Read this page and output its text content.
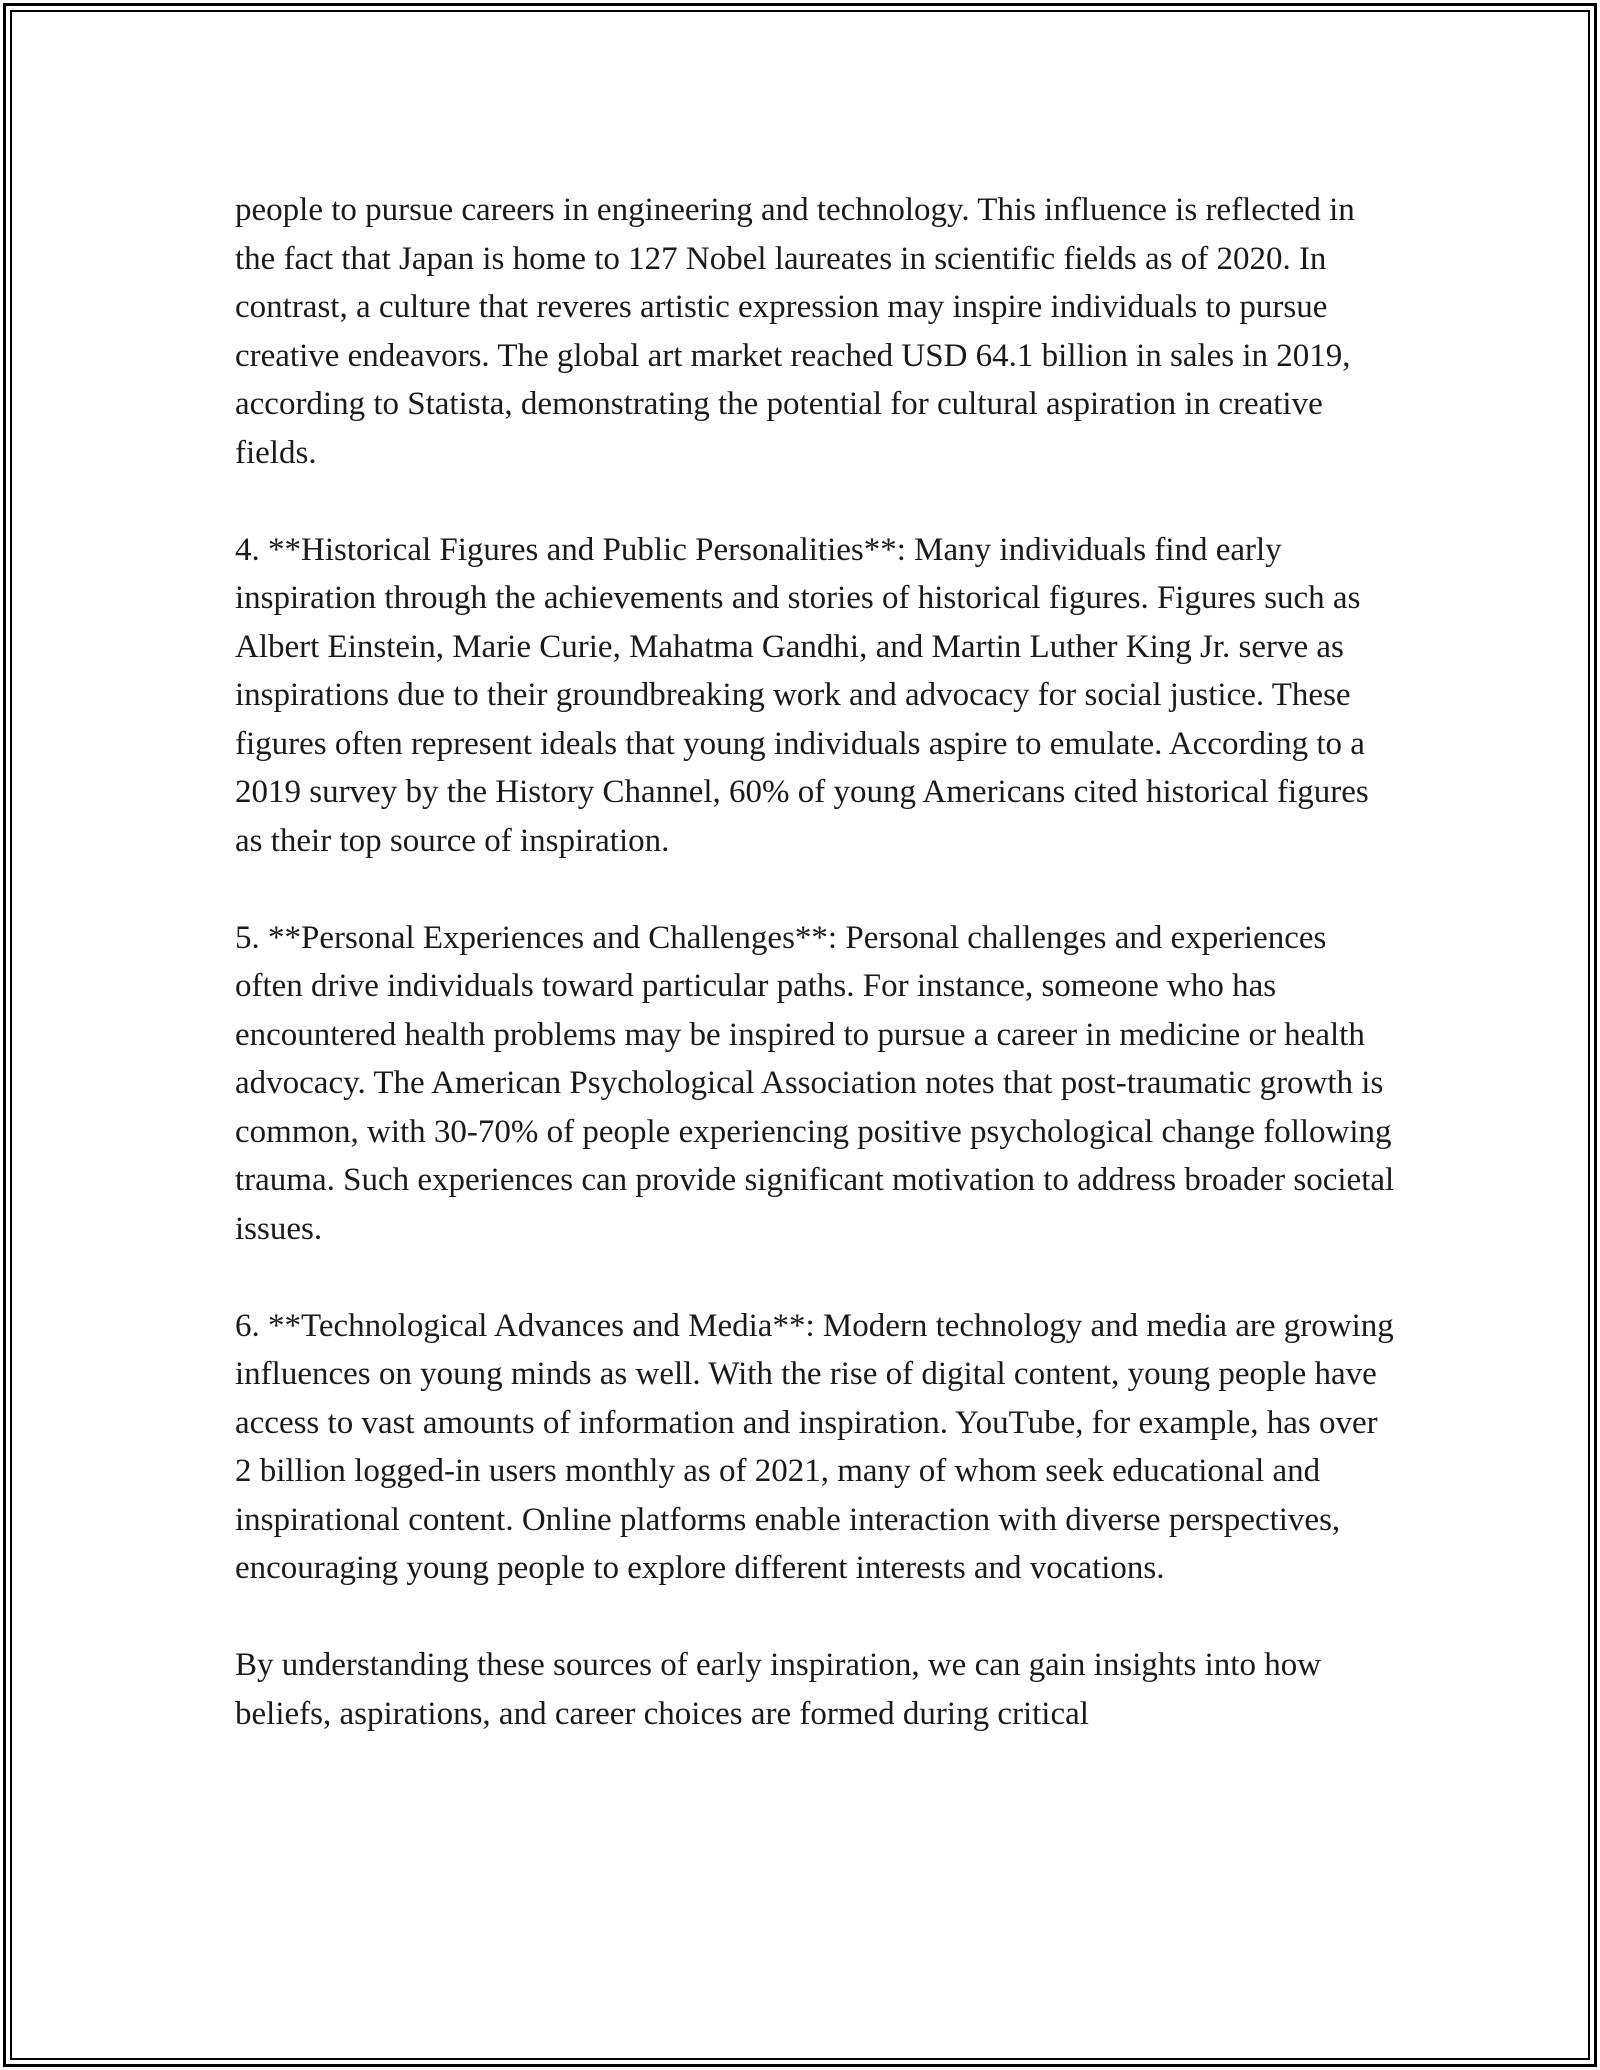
people to pursue careers in engineering and technology. This influence is reflected in the fact that Japan is home to 127 Nobel laureates in scientific fields as of 2020. In contrast, a culture that reveres artistic expression may inspire individuals to pursue creative endeavors. The global art market reached USD 64.1 billion in sales in 2019, according to Statista, demonstrating the potential for cultural aspiration in creative fields.

4. **Historical Figures and Public Personalities**: Many individuals find early inspiration through the achievements and stories of historical figures. Figures such as Albert Einstein, Marie Curie, Mahatma Gandhi, and Martin Luther King Jr. serve as inspirations due to their groundbreaking work and advocacy for social justice. These figures often represent ideals that young individuals aspire to emulate. According to a 2019 survey by the History Channel, 60% of young Americans cited historical figures as their top source of inspiration.

5. **Personal Experiences and Challenges**: Personal challenges and experiences often drive individuals toward particular paths. For instance, someone who has encountered health problems may be inspired to pursue a career in medicine or health advocacy. The American Psychological Association notes that post-traumatic growth is common, with 30-70% of people experiencing positive psychological change following trauma. Such experiences can provide significant motivation to address broader societal issues.

6. **Technological Advances and Media**: Modern technology and media are growing influences on young minds as well. With the rise of digital content, young people have access to vast amounts of information and inspiration. YouTube, for example, has over 2 billion logged-in users monthly as of 2021, many of whom seek educational and inspirational content. Online platforms enable interaction with diverse perspectives, encouraging young people to explore different interests and vocations.

By understanding these sources of early inspiration, we can gain insights into how beliefs, aspirations, and career choices are formed during critical
